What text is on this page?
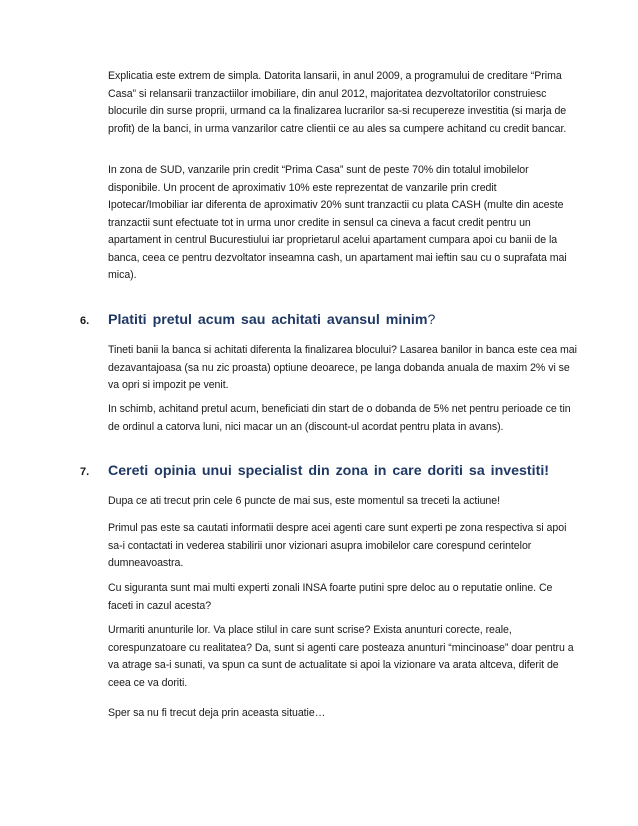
Explicatia este extrem de simpla. Datorita lansarii, in anul 2009, a programului de creditare “Prima Casa” si relansarii tranzactiilor imobiliare, din anul 2012, majoritatea dezvoltatorilor construiesc blocurile din surse proprii, urmand ca la finalizarea lucrarilor sa-si recupereze investitia (si marja de profit) de la banci, in urma vanzarilor catre clientii ce au ales sa cumpere achitand cu credit bancar.

In zona de SUD, vanzarile prin credit “Prima Casa” sunt de peste 70% din totalul imobilelor disponibile. Un procent de aproximativ 10% este reprezentat de vanzarile prin credit Ipotecar/Imobiliar iar diferenta de aproximativ 20% sunt tranzactii cu plata CASH (multe din aceste tranzactii sunt efectuate tot in urma unor credite in sensul ca cineva a facut credit pentru un apartament in centrul Bucurestiului iar proprietarul acelui apartament cumpara apoi cu banii de la banca, ceea ce pentru dezvoltator inseamna cash, un apartament mai ieftin sau cu o suprafata mai mica).

6. Platiti pretul acum sau achitati avansul minim?

Tineti banii la banca si achitati diferenta la finalizarea blocului? Lasarea banilor in banca este cea mai dezavantajoasa (sa nu zic proasta) optiune deoarece, pe langa dobanda anuala de maxim 2% vi se va opri si impozit pe venit.

In schimb, achitand pretul acum, beneficiati din start de o dobanda de 5% net pentru perioade ce tin de ordinul a catorva luni, nici macar un an (discount-ul acordat pentru plata in avans).

7. Cereti opinia unui specialist din zona in care doriti sa investiti!

Dupa ce ati trecut prin cele 6 puncte de mai sus, este momentul sa treceti la actiune!

Primul pas este sa cautati informatii despre acei agenti care sunt experti pe zona respectiva si apoi sa-i contactati in vederea stabilirii unor vizionari asupra imobilelor care corespund cerintelor dumneavoastra.

Cu siguranta sunt mai multi experti zonali INSA foarte putini spre deloc au o reputatie online. Ce faceti in cazul acesta?

Urmariti anunturile lor. Va place stilul in care sunt scrise? Exista anunturi corecte, reale, corespunzatoare cu realitatea? Da, sunt si agenti care posteaza anunturi “mincinoase” doar pentru a va atrage sa-i sunati, va spun ca sunt de actualitate si apoi la vizionare va arata altceva, diferit de ceea ce va doriti.

Sper sa nu fi trecut deja prin aceasta situatie…
